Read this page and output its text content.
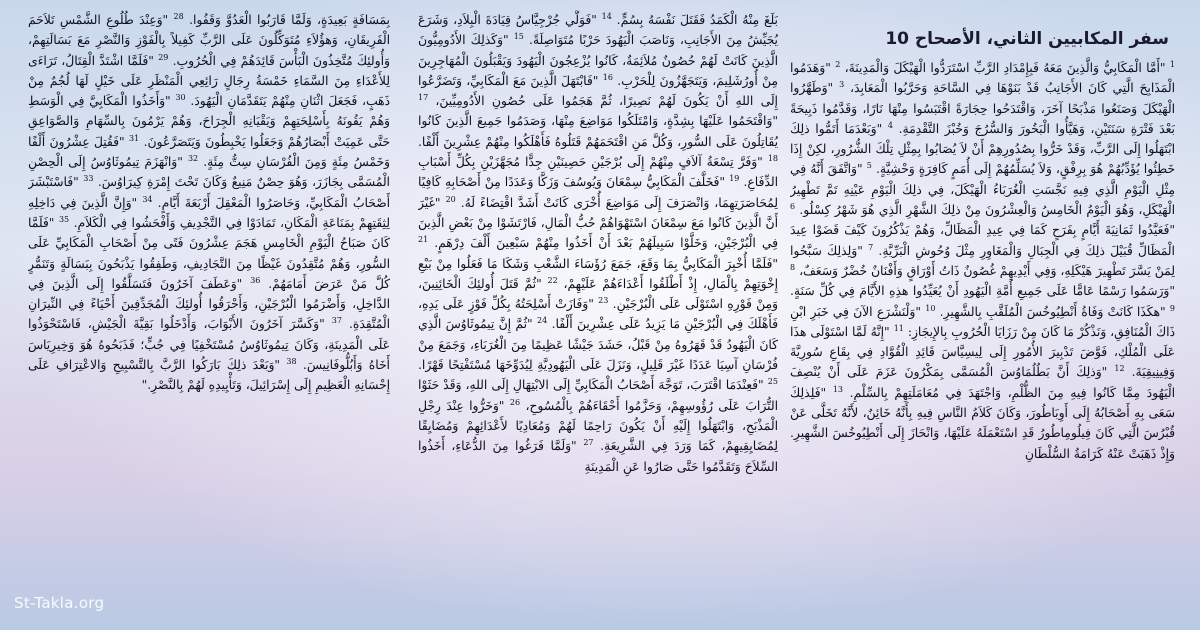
سفر المكابيين الثاني، الأصحاح 10
$^1$ "أَمَّا الْمَكَابِيُّ وَالَّذِينَ مَعَهُ فَبِإِمْدَادِ الرَّبِّ اسْتَرَدُّوا الْهَيْكَلَ وَالْمَدِينَةَ، $^2$ "وَهَدَمُوا الْمَذَابِحَ الَّتِي كَانَ الأَجَانِبُ قَدْ بَنَوْهَا فِي السَّاحَةِ وَحَرَّبُوا الْمَعَابِدَ، $^3$ "وَطَهَّرُوا الْهَيْكَلَ وَصَنَعُوا مَذْبَحًا آخَرَ، وَاقْتَدَحُوا حِجَارَةً اقْتَبَسُوا مِنْهَا نَارًا، وَقَدَّمُوا ذَبِيحَةً بَعْدَ فَتْرَةِ سَنَتَيْنِ، وَهَيَّأُوا الْبَخُورَ وَالسُّرُجَ وَخُبْزَ التَّقْدِمَةِ. $^4$ "وَبَعْدَمَا أَتَمُّوا ذلِكَ ابْتَهَلُوا إِلَى الرَّبِّ، وَقَدْ خَرُّوا بِصُدُورِهِمْ أَنْ لاَ يُصَابُوا بِمِثْلِ تِلْكَ الشُّرُورِ، لكِنْ إِذَا خَطِئُوا يُؤَدِّبُهُمْ هُوَ بِرِفْقٍ، وَلاَ يُسَلِّمُهُمْ إِلَى أُمَمٍ كَافِرَةٍ وَحْشِيَّةٍ. $^5$ "وَاتَّفَقَ أَنَّهُ فِي مِثْلِ الْيَوْمِ الَّذِي فِيهِ نَجَّسَتِ الْغُرَبَاءُ الْهَيْكَلَ، فِي ذلِكَ الْيَوْمِ عَيْنِهِ تَمَّ تَطْهِيرُ الْهَيْكَلِ، وَهُوَ الْيَوْمُ الْخَامِسُ وَالْعِشْرُونَ مِنْ ذلِكَ الشَّهْرِ الَّذِي هُوَ شَهْرُ كِسْلُو. $^6$ "فَعَيَّدُوا ثَمَانِيَةَ أَيَّامٍ بِفَرَحٍ كَمَا فِي عِيدِ الْمَظَالِّ، وَهُمْ يَذْكُرُونَ كَيْفَ قَضَوْا عِيدَ الْمَظَالِّ قُبَيْلَ ذلِكَ فِي الْجِبَالِ وَالْمَغَاوِرِ مِثْلَ وُحُوشِ الْبَرِّيَّةِ. $^7$ "وَلِذلِكَ سَبَّحُوا لِمَنْ يَسَّرَ تَطْهِيرَ هَيْكَلِهِ، وَفِي أَيْدِيهِمْ غُصُونٌ ذَاتُ أَوْرَاقٍ وَأَفْنَانٌ خُضْرٌ وَسَعَفٌ، $^8$ "وَرَسَمُوا رَسْمًا عَامًّا عَلَى جَمِيعِ أُمَّةِ الْيَهُودِ أَنْ يُعَيِّدُوا هذِهِ الأَيَّامَ فِي كُلِّ سَنَةٍ. $^9$ "هكَذَا كَانَتْ وَفَاةُ أَنْطِيُوخُسَ الْمُلَقَّبِ بِالشَّهِيرِ. $^{10}$ "وَلْنَشْرَعِ الآنَ فِي خَبَرِ ابْنِ ذَاكَ الْمُنَافِقِ، وَنَذْكُرْ مَا كَانَ مِنْ رَزَايَا الْحُرُوبِ بِالإِيجَازِ: $^{11}$ "إِنَّهُ لَمَّا اسْتَوْلَى هذَا عَلَى الْمُلْكِ، فَوَّضَ تَدْبِيرَ الأُمُورِ إِلَى لِيسِيَّاسَ قَائِدِ الْقُوَّادِ فِي بِقَاعِ سُورِيَّةَ وَفِينِيقِيَةَ. $^{12}$ "وَذلِكَ أَنَّ بَطُلُمَاوُسَ الْمُسَمَّى بِمَكْرُونَ عَزَمَ عَلَى أَنْ يُنْصِفَ الْيَهُودَ مِمَّا كَانُوا فِيهِ مِنَ الظُّلْمِ، وَاجْتَهَدَ فِي مُعَامَلَتِهِمْ بِالسِّلْمِ. $^{13}$ "فَلِذلِكَ سَعَى بِهِ أَصْحَابُهُ إِلَى أَوِبَاطُورَ، وَكَانَ كَلاَمُ النَّاسِ فِيهِ بِأَنَّهُ خَائِنٌ، لأَنَّهُ تَخَلَّى عَنْ قُبْرُسَ الَّتِي كَانَ فِيلُومِاطُورُ قَدِ اسْتَعْمَلَهُ عَلَيْهَا، وَانْحَازَ إِلَى أَنْطِيُوخُسَ الشَّهِيرِ. وَإِذْ ذَهَبَتْ عَنْهُ كَرَامَةُ السُّلْطَانِ
بَلَغَ مِنْهُ الْكَمَدُ فَقَتَلَ نَفْسَهُ بِسُمٍّ. $^{14}$ "فَوَلَّي جُرْجِيَّاسُ قِيَادَةَ الْبِلاَدِ، وَشَرَعَ يُجَيِّشُ مِنَ الأَجَانِبِ، وَنَاصَبَ الْيَهُودَ حَرْبًا مُتَوَاصِلَةً. $^{15}$ "وَكَذلِكَ الأَدُومِيُّونَ الَّذِينَ كَانَتْ لَهُمْ حُصُونٌ مُلاَئِمَةٌ، كَانُوا يُزْعِجُونَ الْيَهُودَ وَيَقْبَلُونَ الْمُهَاجِرِينَ مِنْ أُورُشَلِيمَ، وَيَتَجَهَّزُونَ لِلْحَرْبِ. $^{16}$ "فَابْتَهَلَ الَّذِينَ مَعَ الْمَكَابِيِّ، وَتَضَرَّعُوا إِلَى اللهِ أَنْ يَكُونَ لَهُمْ نَصِيرًا، ثُمَّ هَجَمُوا عَلَى حُصُونِ الأَدُومِيِّينَ، $^{17}$ "وَاقْتَحَمُوا عَلَيْهَا بِشِدَّةٍ، وَامْتَلَكُوا مَوَاضِعَ مِنْهَا، وَصَدَمُوا جَمِيعَ الَّذِينَ كَانُوا يُقَاتِلُونَ عَلَى السُّورِ، وَكُلَّ مَنِ اقْتَحَمَهُمْ قَتَلُوهُ فَأَهْلَكُوا مِنْهُمْ عِشْرِينَ أَلْفًا. $^{18}$ "وَفَرَّ تِسْعَةُ آلاَفٍ مِنْهُمْ إِلَى بُرْجَيْنِ حَصِينَيْنِ جِدًّا مُجَهَّزَيْنِ بِكُلِّ أَسْبَابِ الدِّفَاعِ. $^{19}$ "فَخَلَّفَ الْمَكَابِيُّ سِمْعَانَ وَيُوسُفَ وَزَكَّا وَعَدَدًا مِنْ أَصْحَابِهِ كَافِيًا لِمُحَاصَرَتِهِمَا، وَانْصَرَفَ إِلَى مَوَاضِعَ أُخْرَى كَانَتْ أَشَدَّ اقْتِضَاءً لَهُ. $^{20}$ "غَيْرَ أَنَّ الَّذِينَ كَانُوا مَعَ سِمْعَانَ اسْتَهْوَاهُمْ حُبُّ الْمَالِ، فَارْتَشَوْا مِنْ بَعْضِ الَّذِينَ فِي الْبُرْجَيْنِ، وَخَلَّوْا سَبِيلَهُمْ بَعْدَ أَنْ أَخَذُوا مِنْهُمْ سَبْعِينَ أَلْفَ دِرْهَمٍ. $^{21}$ "فَلَمَّا أُخْبِرَ الْمَكَابِيُّ بِمَا وَقَعَ، جَمَعَ رُؤَسَاءَ الشَّعْبِ وَشَكَا مَا فَعَلُوا مِنْ بَيْعِ إِخْوَتِهِمْ بِالْمَالِ، إِذْ أَطْلَقُوا أَعْدَاءَهُمْ عَلَيْهِمْ، $^{22}$ "ثُمَّ قَتَلَ أُولئِكَ الْخَائِنِينَ، وَمِنْ فَوْرِهِ اسْتَوْلَى عَلَى الْبُرْجَيْنِ. $^{23}$ "وَفَازَتْ أَسْلِحَتُهُ بِكُلِّ فَوْزٍ عَلَى يَدِهِ، فَأَهْلَكَ فِي الْبُرْجَيْنِ مَا يَزِيدُ عَلَى عِشْرِينَ أَلْفًا. $^{24}$ "ثُمَّ إِنَّ تِيمُوثَاوُسَ الَّذِي كَانَ الْيَهُودُ قَدْ قَهَرُوهُ مِنْ قَبْلُ، حَشَدَ جَيْشًا عَظِيمًا مِنَ الْغُرَبَاءِ، وَجَمَعَ مِنْ فُرْسَانِ آسِيَا عَدَدًا غَيْرَ قَلِيلٍ، وَنَزَلَ عَلَى الْيَهُودِيَّةِ لِيُدَوِّخَهَا مُسْتَفْتِحًا قَهْرًا. $^{25}$ "فَعِنْدَمَا اقْتَرَبَ، تَوَجَّهَ أَصْحَابُ الْمَكَابِيِّ إِلَى الابْتِهَالِ إِلَى اللهِ، وَقَدْ حَثَوْا التُّرَابَ عَلَى رُؤُوسِهِمْ، وَحَزَّمُوا أَحْقَاءَهُمْ بِالْمُسُوحِ، $^{26}$ "وَخَرُّوا عِنْدَ رِجْلِ الْمَذْبَحِ، وَابْتَهَلُوا إِلَيْهِ أَنْ يَكُونَ رَاحِمًا لَهُمْ وَمُعَادِيًا لأَعْدَائِهِمْ وَمُضَايِقًا لِمُضَايِقِيهِمْ، كَمَا وَرَدَ فِي الشَّرِيعَةِ. $^{27}$ "وَلَمَّا فَرَغُوا مِنَ الدُّعَاءِ، أَخَذُوا السِّلاَحَ وَتَقَدَّمُوا حَتَّى صَارُوا عَنِ الْمَدِينَةِ
بِمَسَافَةٍ بَعِيدَةٍ، وَلَمَّا قَارَبُوا الْعَدُوَّ وَقَفُوا. $^{28}$ "وَعِنْدَ طُلُوعِ الشَّمْسِ تَلاَحَمَ الْفَرِيقَانِ، وَهؤُلاَءِ مُتَوَكِّلُونَ عَلَى الرَّبِّ كَفِيلاً بِالْفَوْزِ وَالنَّصْرِ مَعَ بَسَالَتِهِمْ، وَأُولئِكَ مُتَّخِذُونَ الْبَأْسَ قَائِدَهُمْ فِي الْحُرُوبِ. $^{29}$ "فَلَمَّا اشْتَدَّ الْقِتَالُ، تَرَاءَى لِلأَعْدَاءِ مِنَ السَّمَاءِ خَمْسَةُ رِجَالٍ رَائِعِي الْمَنْظَرِ عَلَى خَيْلٍ لَهَا لُجُمٌ مِنْ ذَهَبٍ، فَجَعَلَ اثْنَانِ مِنْهُمْ يَتَقَدَّمَانِ الْيَهُودَ. $^{30}$ "وَأَخَذُوا الْمَكَابِيَّ فِي الْوَسَطِ وَهُمْ يَقُونَهُ بِأَسْلِحَتِهِمْ وَيَقْيَانِهِ الْجِرَاحَ، وَهُمْ يَرْمُونَ بِالسِّهَامِ وَالصَّوَاعِقِ حَتَّى عَمِيَتْ أَبْصَارُهُمْ وَجَعَلُوا يَخْبِطُونَ وَيَتَصَرَّعُونَ. $^{31}$ "فَقُتِلَ عِشْرُونَ أَلْفًا وَخَمْسُ مِئَةٍ وَمِنَ الْفُرْسَانِ سِتُّ مِئَةٍ. $^{32}$ "وَانْهَزَمَ تِيمُوثَاوُسُ إِلَى الْحِصْنِ الْمُسَمَّى بِجَازَرَ، وَهُوَ حِصْنٌ مَنِيعٌ وَكَانَ تَحْتَ إِمْرَةِ كِيرَاوُسَ. $^{33}$ "فَاسْتَبْشَرَ أَصْحَابُ الْمَكَابِيِّ، وَحَاصَرُوا الْمَعْقِلَ أَرْبَعَةَ أَيَّامٍ. $^{34}$ "وَإِنَّ الَّذِينَ فِي دَاخِلِهِ لِثِقَتِهِمْ بِمَنَاعَةِ الْمَكَانِ، تَمَادَوْا فِي التَّجْدِيفِ وَأَفْحَشُوا فِي الْكَلاَمِ. $^{35}$ "فَلَمَّا كَانَ صَبَاحُ الْيَوْمِ الْخَامِسِ هَجَمَ عِشْرُونَ فَتًى مِنْ أَصْحَابِ الْمَكَابِيِّ عَلَى السُّورِ، وَهُمْ مُتَّقِدُونَ غَيْظًا مِنَ التَّجَادِيفِ، وَطَفِقُوا يَذْبَحُونَ بِبَسَالَةٍ وَتَنَمُّرٍ كُلَّ مَنْ عَرَضَ أَمَامَهُمْ. $^{36}$ "وَعَطَفَ آخَرُونَ فَتَسَلَّقُوا إِلَى الَّذِينَ فِي الدَّاخِلِ، وَأَضْرَمُوا الْبُرْجَيْنِ، وَأَحْرَقُوا أُولئِكَ الْمُجَدِّفِينَ أَحْيَاءً فِي النِّيرَانِ الْمُتَّقِدَةِ. $^{37}$ "وَكَسَّرَ آخَرُونَ الأَبْوَابَ، وَأَدْخَلُوا بَقِيَّةَ الْجَيْشِ، فَاسْتَحْوَذُوا عَلَى الْمَدِينَةِ، وَكَانَ تِيمُوثَاوُسُ مُسْتَخْفِيًا فِي جُبٍّ؛ فَذَبَحُوهُ هُوَ وَخِيرِيَاسَ أَخَاهُ وَأَبُلُّوفَانِيسَ. $^{38}$ "وَبَعْدَ ذلِكَ بَارَكُوا الرَّبَّ بِالتَّسْبِيحِ وَالاعْتِرَافِ عَلَى إِحْسَانِهِ الْعَظِيمِ إِلَى إِسْرَائِيلَ، وَتَأْيِيدِهِ لَهُمْ بِالنَّصْرِ."
St-Takla.org
